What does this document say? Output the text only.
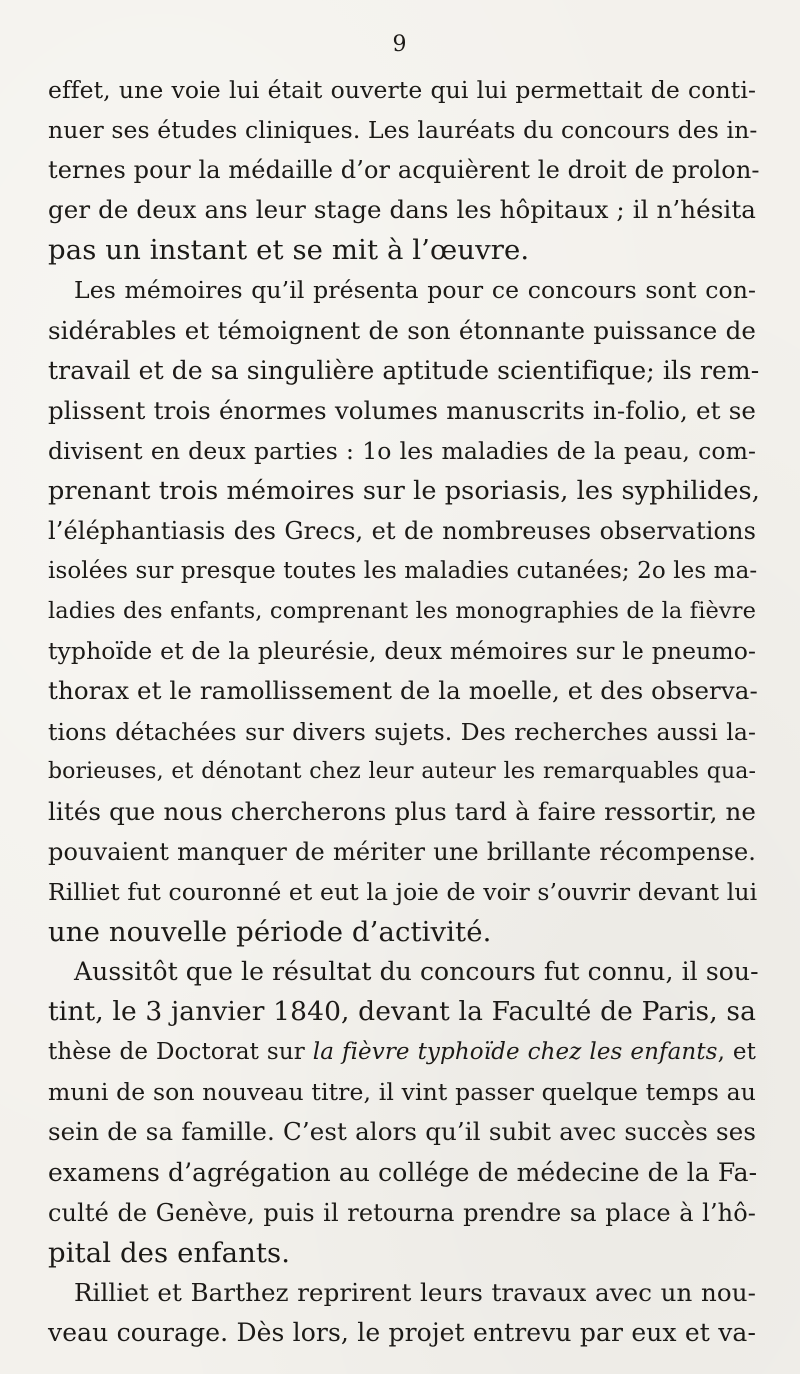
9
effet, une voie lui était ouverte qui lui permettait de conti-
nuer ses études cliniques. Les lauréats du concours des in-
ternes pour la médaille d’or acquièrent le droit de prolon-
ger de deux ans leur stage dans les hôpitaux ; il n’hésita
pas un instant et se mit à l’œuvre.
Les mémoires qu’il présenta pour ce concours sont con-
sidérables et témoignent de son étonnante puissance de
travail et de sa singulière aptitude scientifique; ils rem-
plissent trois énormes volumes manuscrits in-folio, et se
divisent en deux parties : 1o les maladies de la peau, com-
prenant trois mémoires sur le psoriasis, les syphilides,
l’éléphantiasis des Grecs, et de nombreuses observations
isolées sur presque toutes les maladies cutanées; 2o les ma-
ladies des enfants, comprenant les monographies de la fièvre
typhoïde et de la pleurésie, deux mémoires sur le pneumo-
thorax et le ramollissement de la moelle, et des observa-
tions détachées sur divers sujets. Des recherches aussi la-
borieuses, et dénotant chez leur auteur les remarquables qua-
lités que nous chercherons plus tard à faire ressortir, ne
pouvaient manquer de mériter une brillante récompense.
Rilliet fut couronné et eut la joie de voir s’ouvrir devant lui
une nouvelle période d’activité.
Aussitôt que le résultat du concours fut connu, il sou-
tint, le 3 janvier 1840, devant la Faculté de Paris, sa
thèse de Doctorat sur la fièvre typhoïde chez les enfants, et
muni de son nouveau titre, il vint passer quelque temps au
sein de sa famille. C’est alors qu’il subit avec succès ses
examens d’agrégation au collége de médecine de la Fa-
culté de Genève, puis il retourna prendre sa place à l’hô-
pital des enfants.
Rilliet et Barthez reprirent leurs travaux avec un nou-
veau courage. Dès lors, le projet entrevu par eux et va-
